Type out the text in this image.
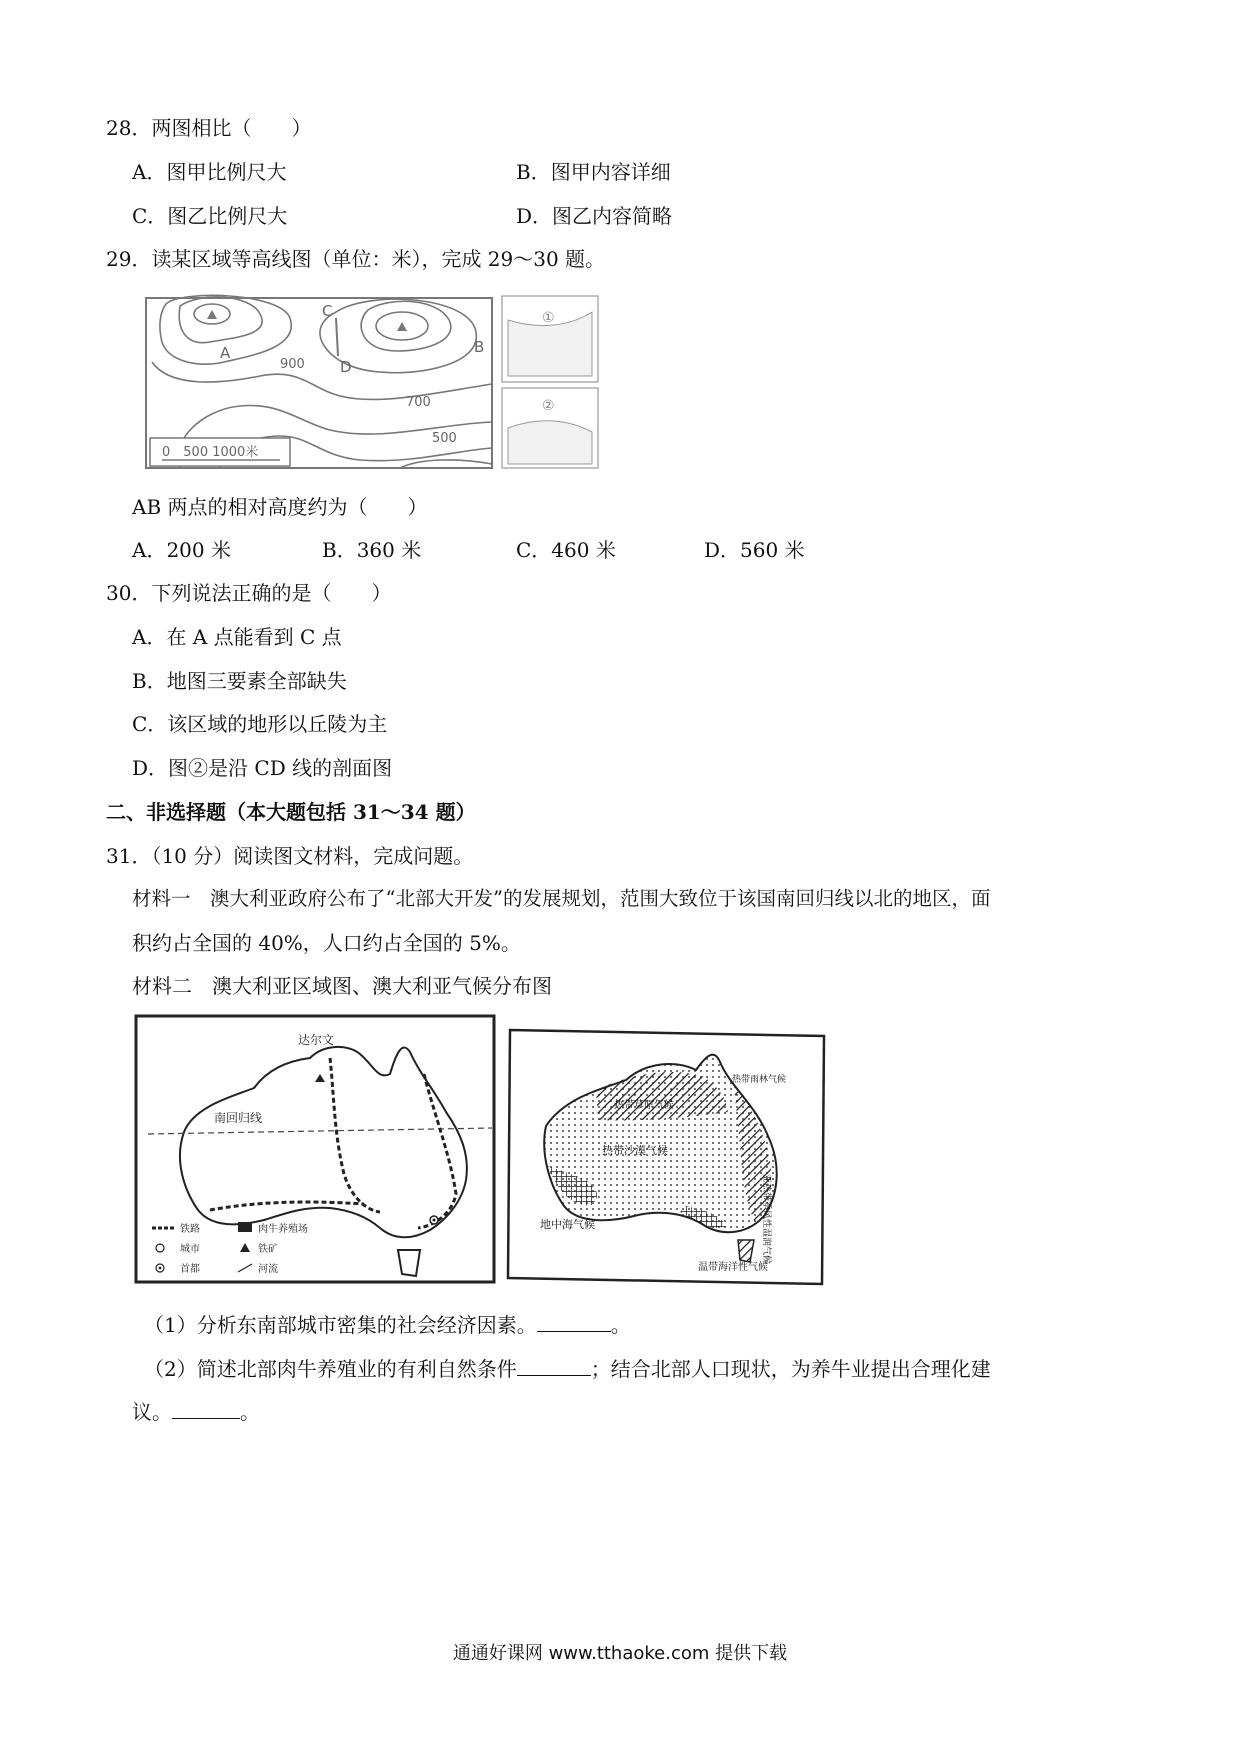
28．两图相比（　　）
A．图甲比例尺大	B．图甲内容详细
C．图乙比例尺大	D．图乙内容简略
29．读某区域等高线图（单位：米），完成 29～30 题。
A	B
C
D
900
700
500
0　500 1000米
①
②
AB 两点的相对高度约为（　　）
A．200 米	B．360 米	C．460 米	D．560 米
30．下列说法正确的是（　　）
A．在 A 点能看到 C 点
B．地图三要素全部缺失
C．该区域的地形以丘陵为主
D．图②是沿 CD 线的剖面图
二、非选择题（本大题包括 31～34 题）
31．（10 分）阅读图文材料，完成问题。
材料一　澳大利亚政府公布了“北部大开发”的发展规划，范围大致位于该国南回归线以北的地区，面
积约占全国的 40%，人口约占全国的 5%。
材料二　澳大利亚区域图、澳大利亚气候分布图
南回归线
达尔文
铁路	肉牛养殖场
城市	铁矿
首都	河流
热带草原气候
热带沙漠气候
地中海气候
温带海洋性气候
热带雨林气候
亚热带季风性湿润气候
（1）分析东南部城市密集的社会经济因素。	。
（2）简述北部肉牛养殖业的有利自然条件	；结合北部人口现状，为养牛业提出合理化建
议。	。
通通好课网 www.tthaoke.com 提供下载
